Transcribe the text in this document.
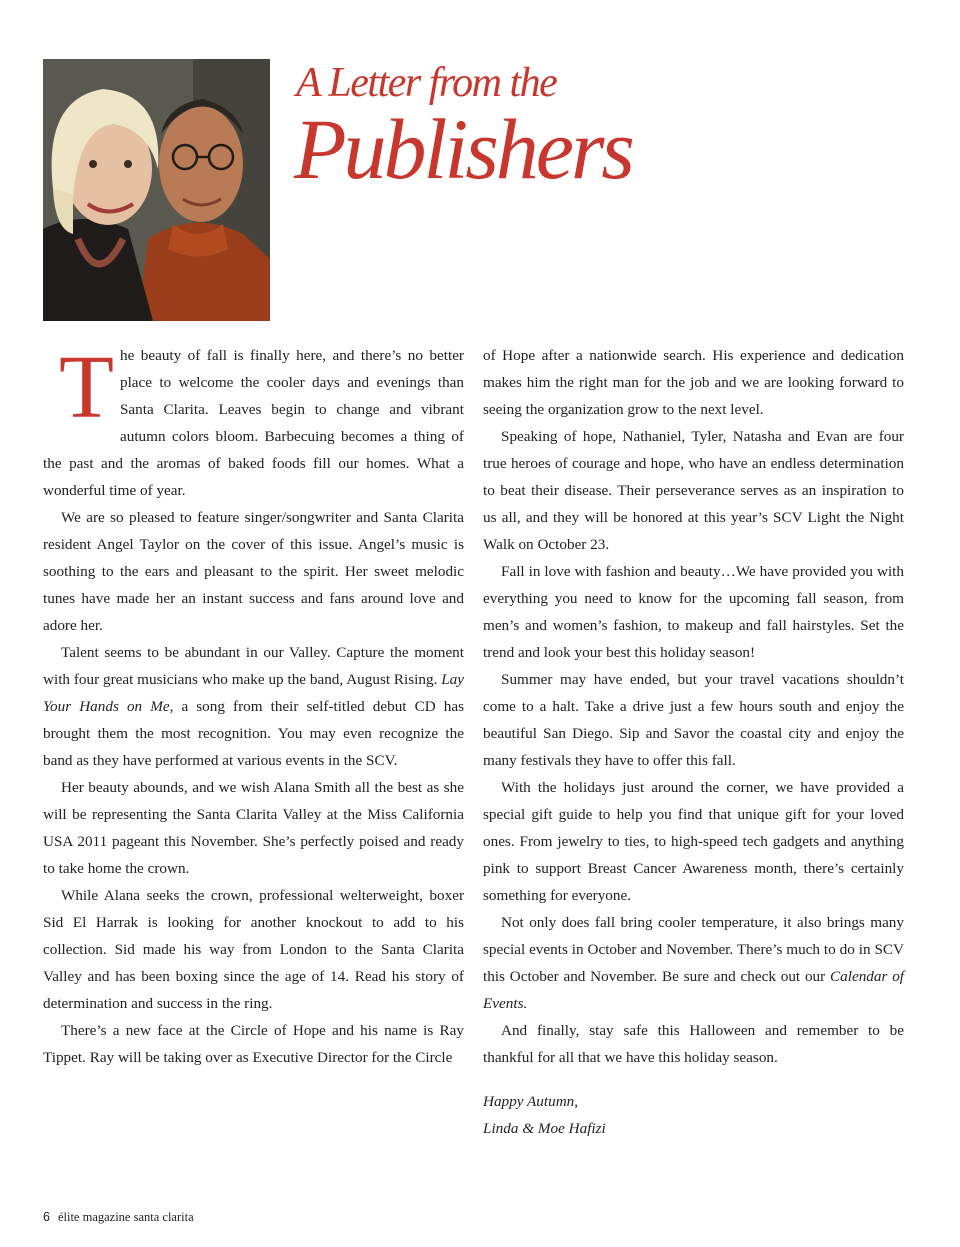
A Letter from the
Publishers

The beauty of fall is finally here, and there’s no better place to welcome the cooler days and evenings than Santa Clarita. Leaves begin to change and vibrant autumn colors bloom. Barbecuing becomes a thing of the past and the aromas of baked foods fill our homes. What a wonderful time of year.

We are so pleased to feature singer/songwriter and Santa Clarita resident Angel Taylor on the cover of this issue. Angel’s music is soothing to the ears and pleasant to the spirit. Her sweet melodic tunes have made her an instant success and fans around love and adore her.

Talent seems to be abundant in our Valley. Capture the moment with four great musicians who make up the band, August Rising. Lay Your Hands on Me, a song from their self-titled debut CD has brought them the most recognition. You may even recognize the band as they have performed at various events in the SCV.

Her beauty abounds, and we wish Alana Smith all the best as she will be representing the Santa Clarita Valley at the Miss California USA 2011 pageant this November. She’s perfectly poised and ready to take home the crown.

While Alana seeks the crown, professional welterweight, boxer Sid El Harrak is looking for another knockout to add to his collection. Sid made his way from London to the Santa Clarita Valley and has been boxing since the age of 14. Read his story of determination and success in the ring.

There’s a new face at the Circle of Hope and his name is Ray Tippet. Ray will be taking over as Executive Director for the Circle

of Hope after a nationwide search. His experience and dedication makes him the right man for the job and we are looking forward to seeing the organization grow to the next level.

Speaking of hope, Nathaniel, Tyler, Natasha and Evan are four true heroes of courage and hope, who have an endless determination to beat their disease. Their perseverance serves as an inspiration to us all, and they will be honored at this year’s SCV Light the Night Walk on October 23.

Fall in love with fashion and beauty…We have provided you with everything you need to know for the upcoming fall season, from men’s and women’s fashion, to makeup and fall hairstyles. Set the trend and look your best this holiday season!

Summer may have ended, but your travel vacations shouldn’t come to a halt. Take a drive just a few hours south and enjoy the beautiful San Diego. Sip and Savor the coastal city and enjoy the many festivals they have to offer this fall.

With the holidays just around the corner, we have provided a special gift guide to help you find that unique gift for your loved ones. From jewelry to ties, to high-speed tech gadgets and anything pink to support Breast Cancer Awareness month, there’s certainly something for everyone.

Not only does fall bring cooler temperature, it also brings many special events in October and November. There’s much to do in SCV this October and November. Be sure and check out our Calendar of Events.

And finally, stay safe this Halloween and remember to be thankful for all that we have this holiday season.

Happy Autumn,
Linda & Moe Hafizi
6 élite magazine santa clarita
